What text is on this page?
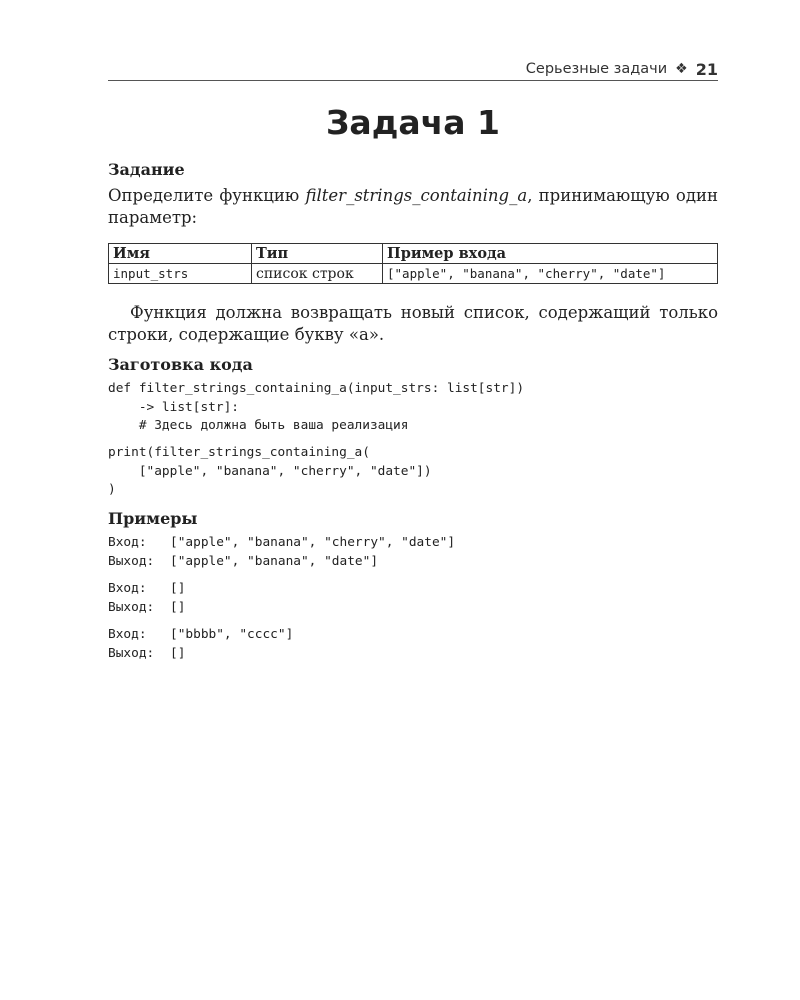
Серьезные задачи ❖ 21
Задача 1
Задание
Определите функцию filter_strings_containing_a, принимающую один параметр:
Имя	Тип	Пример входа
input_strs	список строк	["apple", "banana", "cherry", "date"]
Функция должна возвращать новый список, содержащий только строки, содержащие букву «а».
Заготовка кода
def filter_strings_containing_a(input_strs: list[str])
-> list[str]:
# Здесь должна быть ваша реализация
print(filter_strings_containing_a(
["apple", "banana", "cherry", "date"])
)
Примеры
Вход:	["apple", "banana", "cherry", "date"]
Выход:	["apple", "banana", "date"]
Вход:	[]
Выход:	[]
Вход:	["bbbb", "cccc"]
Выход:	[]
